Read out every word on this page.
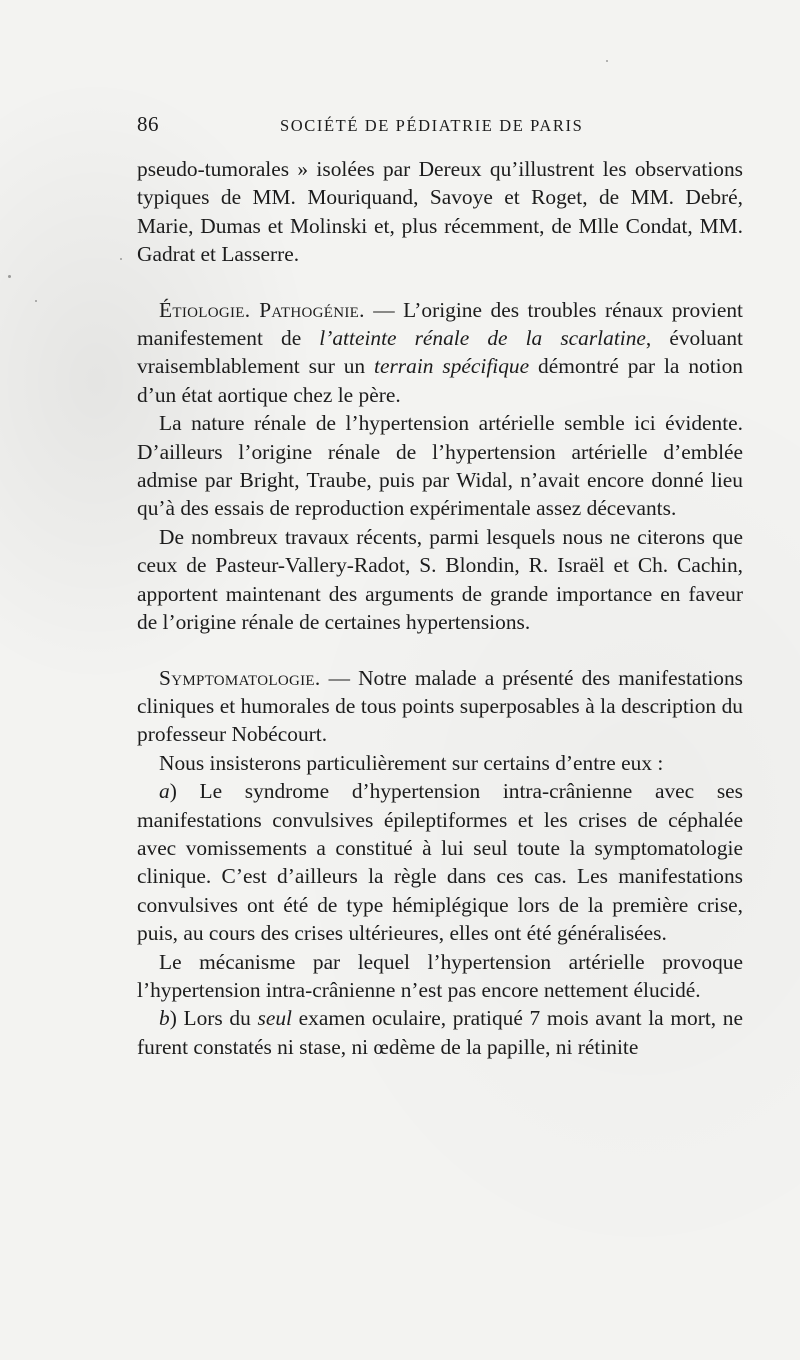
86	SOCIÉTÉ DE PÉDIATRIE DE PARIS

pseudo-tumorales » isolées par Dereux qu’illustrent les observations typiques de MM. Mouriquand, Savoye et Roget, de MM. Debré, Marie, Dumas et Molinski et, plus récemment, de Mlle Condat, MM. Gadrat et Lasserre.

Étiologie. Pathogénie. — L’origine des troubles rénaux provient manifestement de l’atteinte rénale de la scarlatine, évoluant vraisemblablement sur un terrain spécifique démontré par la notion d’un état aortique chez le père.

La nature rénale de l’hypertension artérielle semble ici évidente. D’ailleurs l’origine rénale de l’hypertension artérielle d’emblée admise par Bright, Traube, puis par Widal, n’avait encore donné lieu qu’à des essais de reproduction expérimentale assez décevants.

De nombreux travaux récents, parmi lesquels nous ne citerons que ceux de Pasteur-Vallery-Radot, S. Blondin, R. Israël et Ch. Cachin, apportent maintenant des arguments de grande importance en faveur de l’origine rénale de certaines hypertensions.

Symptomatologie. — Notre malade a présenté des manifestations cliniques et humorales de tous points superposables à la description du professeur Nobécourt.

Nous insisterons particulièrement sur certains d’entre eux :

a) Le syndrome d’hypertension intra-crânienne avec ses manifestations convulsives épileptiformes et les crises de céphalée avec vomissements a constitué à lui seul toute la symptomatologie clinique. C’est d’ailleurs la règle dans ces cas. Les manifestations convulsives ont été de type hémiplégique lors de la première crise, puis, au cours des crises ultérieures, elles ont été généralisées.

Le mécanisme par lequel l’hypertension artérielle provoque l’hypertension intra-crânienne n’est pas encore nettement élucidé.

b) Lors du seul examen oculaire, pratiqué 7 mois avant la mort, ne furent constatés ni stase, ni œdème de la papille, ni rétinite
